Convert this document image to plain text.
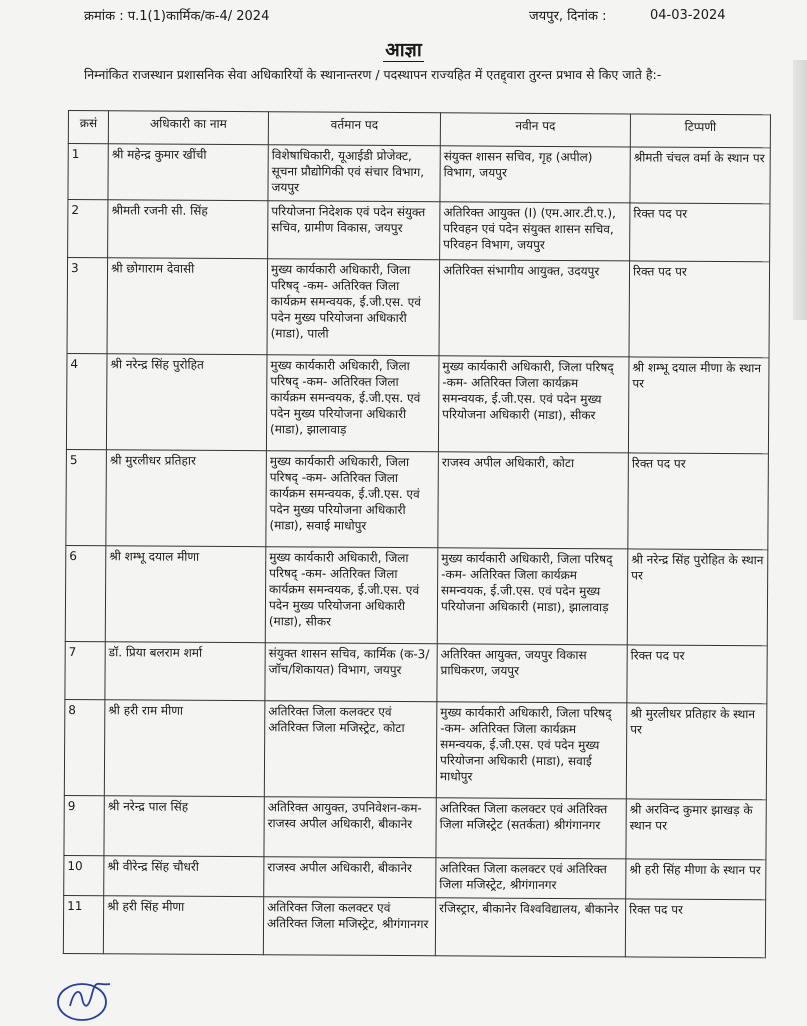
क्रमांक : प.1(1)कार्मिक/क-4/ 2024	जयपुर, दिनांक :	04-03-2024
आज्ञा
निम्नांकित राजस्थान प्रशासनिक सेवा अधिकारियों के स्थानान्तरण / पदस्थापन राज्यहित में एतद्द्वारा तुरन्त प्रभाव से किए जाते है:-
क्रसं	अधिकारी का नाम	वर्तमान पद	नवीन पद	टिप्पणी
1	श्री महेन्द्र कुमार खींची	विशेषाधिकारी, यूआईडी प्रोजेक्ट, सूचना प्रौद्योगिकी एवं संचार विभाग, जयपुर	संयुक्त शासन सचिव, गृह (अपील) विभाग, जयपुर	श्रीमती चंचल वर्मा के स्थान पर
2	श्रीमती रजनी सी. सिंह	परियोजना निदेशक एवं पदेन संयुक्त सचिव, ग्रामीण विकास, जयपुर	अतिरिक्त आयुक्त (I) (एम.आर.टी.ए.), परिवहन एवं पदेन संयुक्त शासन सचिव, परिवहन विभाग, जयपुर	रिक्त पद पर
3	श्री छोगाराम देवासी	मुख्य कार्यकारी अधिकारी, जिला परिषद् -कम- अतिरिक्त जिला कार्यक्रम समन्वयक, ई.जी.एस. एवं पदेन मुख्य परियोजना अधिकारी (माडा), पाली	अतिरिक्त संभागीय आयुक्त, उदयपुर	रिक्त पद पर
4	श्री नरेन्द्र सिंह पुरोहित	मुख्य कार्यकारी अधिकारी, जिला परिषद् -कम- अतिरिक्त जिला कार्यक्रम समन्वयक, ई.जी.एस. एवं पदेन मुख्य परियोजना अधिकारी (माडा), झालावाड़	मुख्य कार्यकारी अधिकारी, जिला परिषद् -कम- अतिरिक्त जिला कार्यक्रम समन्वयक, ई.जी.एस. एवं पदेन मुख्य परियोजना अधिकारी (माडा), सीकर	श्री शम्भू दयाल मीणा के स्थान पर
5	श्री मुरलीधर प्रतिहार	मुख्य कार्यकारी अधिकारी, जिला परिषद् -कम- अतिरिक्त जिला कार्यक्रम समन्वयक, ई.जी.एस. एवं पदेन मुख्य परियोजना अधिकारी (माडा), सवाई माधोपुर	राजस्व अपील अधिकारी, कोटा	रिक्त पद पर
6	श्री शम्भू दयाल मीणा	मुख्य कार्यकारी अधिकारी, जिला परिषद् -कम- अतिरिक्त जिला कार्यक्रम समन्वयक, ई.जी.एस. एवं पदेन मुख्य परियोजना अधिकारी (माडा), सीकर	मुख्य कार्यकारी अधिकारी, जिला परिषद् -कम- अतिरिक्त जिला कार्यक्रम समन्वयक, ई.जी.एस. एवं पदेन मुख्य परियोजना अधिकारी (माडा), झालावाड़	श्री नरेन्द्र सिंह पुरोहित के स्थान पर
7	डॉ. प्रिया बलराम शर्मा	संयुक्त शासन सचिव, कार्मिक (क-3/जॉच/शिकायत) विभाग, जयपुर	अतिरिक्त आयुक्त, जयपुर विकास प्राधिकरण, जयपुर	रिक्त पद पर
8	श्री हरी राम मीणा	अतिरिक्त जिला कलक्टर एवं अतिरिक्त जिला मजिस्ट्रेट, कोटा	मुख्य कार्यकारी अधिकारी, जिला परिषद् -कम- अतिरिक्त जिला कार्यक्रम समन्वयक, ई.जी.एस. एवं पदेन मुख्य परियोजना अधिकारी (माडा), सवाई माधोपुर	श्री मुरलीधर प्रतिहार के स्थान पर
9	श्री नरेन्द्र पाल सिंह	अतिरिक्त आयुक्त, उपनिवेशन-कम-राजस्व अपील अधिकारी, बीकानेर	अतिरिक्त जिला कलक्टर एवं अतिरिक्त जिला मजिस्ट्रेट (सतर्कता) श्रीगंगानगर	श्री अरविन्द कुमार झाखड़ के स्थान पर
10	श्री वीरेन्द्र सिंह चौधरी	राजस्व अपील अधिकारी, बीकानेर	अतिरिक्त जिला कलक्टर एवं अतिरिक्त जिला मजिस्ट्रेट, श्रीगंगानगर	श्री हरी सिंह मीणा के स्थान पर
11	श्री हरी सिंह मीणा	अतिरिक्त जिला कलक्टर एवं अतिरिक्त जिला मजिस्ट्रेट, श्रीगंगानगर	रजिस्ट्रार, बीकानेर विश्वविद्यालय, बीकानेर	रिक्त पद पर
